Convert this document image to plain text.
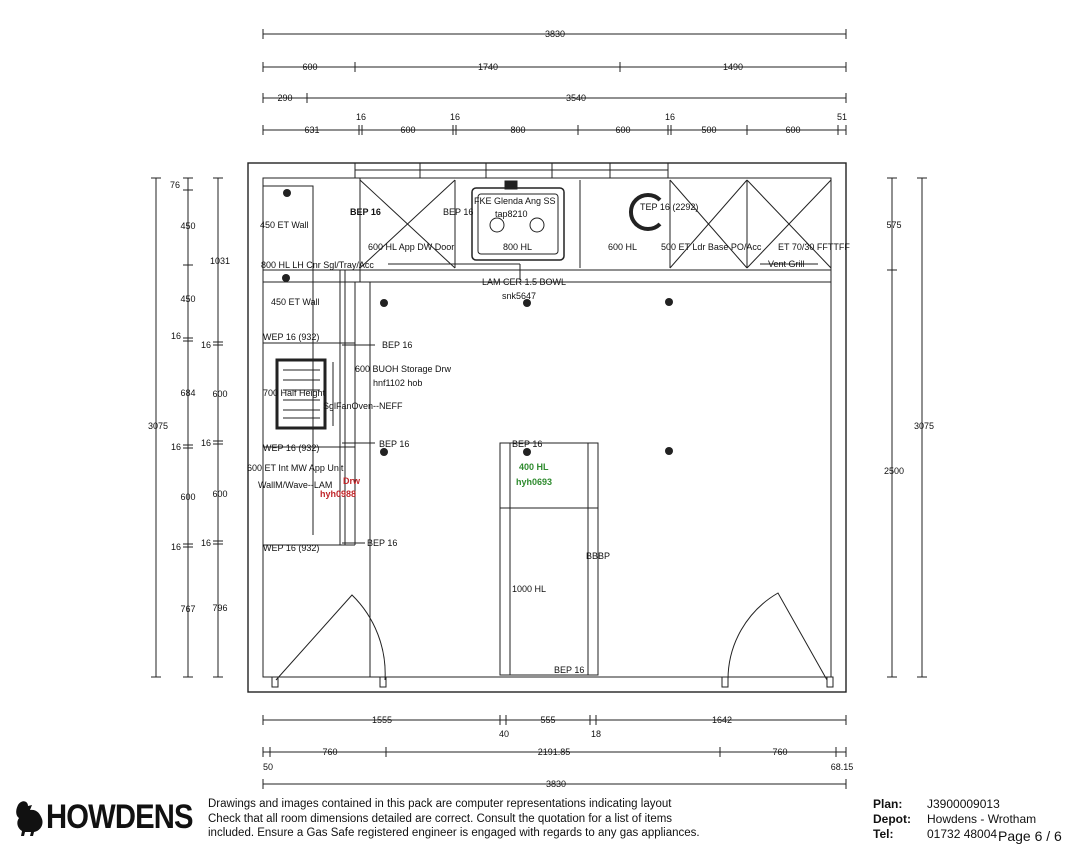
3830
600	1740	1490
290	3540
16	16	16	51
631	600	800	600	500	600
1555	555	1642
40	18
760	2191.85	760
50	68.15
3830
3075
76
450
450
16
684
16
600
16
767
1031
16
600
16
600
16
796
3075
575
2500
BEP 16	BEP 16
450 ET Wall
600 HL App DW Door
FKE Glenda Ang SS
tap8210
800 HL
TEP 16 (2292)
600 HL	500 ET Ldr Base PO/Acc ET 70/30 FFTTFF
Vent Grill
800 HL LH Cnr Sgl/Tray/Acc
LAM CER 1.5 BOWL
snk5647
450 ET Wall
WEP 16 (932)
BEP 16
600 BUOH Storage Drw
hnf1102 hob
700 Half Height
SglFanOven--NEFF
WEP 16 (932)	BEP 16	BEP 16
400 HL
hyh0693
600 ET Int MW App Unit
WallM/Wave--LAM Drw
hyh0988
WEP 16 (932)	BEP 16
BBBP
1000 HL
BEP 16
HOWDENS Drawings and images contained in this pack are computer representations indicating layout
Check that all room dimensions detailed are correct. Consult the quotation for a list of items
included. Ensure a Gas Safe registered engineer is engaged with regards to any gas appliances.
Plan:	J3900009013
Depot:	Howdens - Wrotham
Tel:	01732 48004 Page 6 / 6
